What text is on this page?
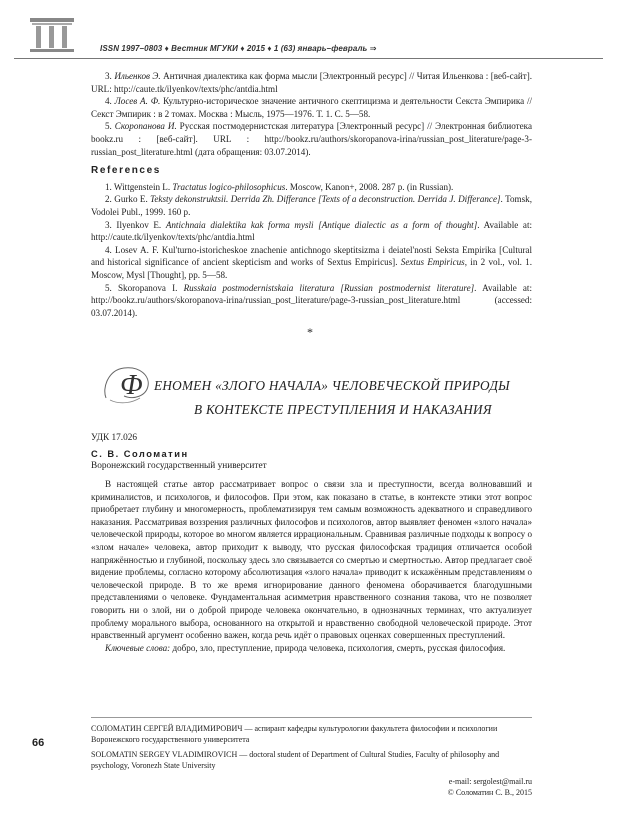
ISSN 1997–0803 ♦ Вестник МГУКИ ♦ 2015 ♦ 1 (63) январь–февраль ⇒

3. Ильенков Э. Античная диалектика как форма мысли [Электронный ресурс] // Читая Ильенкова : [веб-сайт]. URL: http://caute.tk/ilyenkov/texts/phc/antdia.html

4. Лосев А. Ф. Культурно-историческое значение античного скептицизма и деятельности Секста Эмпирика // Секст Эмпирик : в 2 томах. Москва : Мысль, 1975—1976. Т. 1. С. 5—58.

5. Скоропанова И. Русская постмодернистская литература [Электронный ресурс] // Электронная библиотека bookz.ru : [веб-сайт]. URL : http://bookz.ru/authors/skoropanova-irina/russian_post_literature/page-3-russian_post_literature.html (дата обращения: 03.07.2014).

References

1. Wittgenstein L. Tractatus logico-philosophicus. Moscow, Kanon+, 2008. 287 p. (in Russian).

2. Gurko E. Teksty dekonstruktsii. Derrida Zh. Differance [Texts of a deconstruction. Derrida J. Differance]. Tomsk, Vodolei Publ., 1999. 160 p.

3. Ilyenkov E. Antichnaia dialektika kak forma mysli [Antique dialectic as a form of thought]. Available at: http://caute.tk/ilyenkov/texts/phc/antdia.html

4. Losev A. F. Kul'turno-istoricheskoe znachenie antichnogo skeptitsizma i deiatel'nosti Seksta Empirika [Cultural and historical significance of ancient skepticism and works of Sextus Empiricus]. Sextus Empiricus, in 2 vol., vol. 1. Moscow, Mysl [Thought], pp. 5—58.

5. Skoropanova I. Russkaia postmodernistskaia literatura [Russian postmodernist literature]. Available at: http://bookz.ru/authors/skoropanova-irina/russian_post_literature/page-3-russian_post_literature.html (accessed: 03.07.2014).

*
Ф ЕНОМЕН «ЗЛОГО НАЧАЛА» ЧЕЛОВЕЧЕСКОЙ ПРИРОДЫ
В КОНТЕКСТЕ ПРЕСТУПЛЕНИЯ И НАКАЗАНИЯ
УДК 17.026
С. В. Соломатин
Воронежский государственный университет

В настоящей статье автор рассматривает вопрос о связи зла и преступности, всегда волновавший и криминалистов, и психологов, и философов. При этом, как показано в статье, в контексте этики этот вопрос приобретает глубину и многомерность, проблематизируя тем самым возможность адекватного и справедливого наказания. Рассматривая воззрения различных философов и психологов, автор выявляет феномен «злого начала» человеческой природы, которое во многом является иррациональным. Сравнивая различные подходы к вопросу о «злом начале» человека, автор приходит к выводу, что русская философская традиция отличается особой напряжённостью и глубиной, поскольку здесь зло связывается со смертью и смертностью. Автор предлагает своё видение проблемы, согласно которому абсолютизация «злого начала» приводит к искажённым представлениям о человеческой природе. В то же время игнорирование данного феномена оборачивается благодушными представлениями о человеке. Фундаментальная асимметрия нравственного сознания такова, что не позволяет говорить ни о злой, ни о доброй природе человека окончательно, в однозначных терминах, что актуализует проблему морального выбора, основанного на открытой и нравственно свободной человеческой природе. Этот нравственный аргумент особенно важен, когда речь идёт о правовых оценках совершенных преступлений.

Ключевые слова: добро, зло, преступление, природа человека, психология, смерть, русская философия.

66

СОЛОМАТИН СЕРГЕЙ ВЛАДИМИРОВИЧ — аспирант кафедры культурологии факультета философии и психологии Воронежского государственного университета

SOLOMATIN SERGEY VLADIMIROVICH — doctoral student of Department of Cultural Studies, Faculty of philosophy and psychology, Voronezh State University

e-mail: sergolest@mail.ru
© Соломатин С. В., 2015
